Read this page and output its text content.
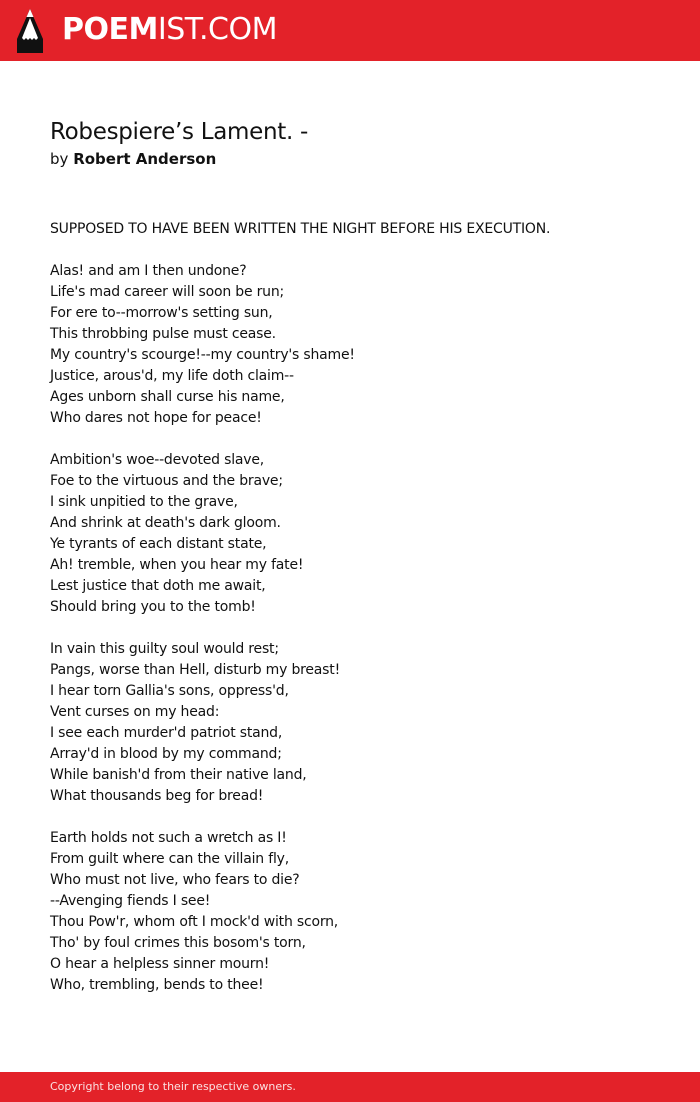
POEMIST.COM
Robespiere’s Lament. -
by Robert Anderson
SUPPOSED TO HAVE BEEN WRITTEN THE NIGHT BEFORE HIS EXECUTION.
Alas! and am I then undone?
Life's mad career will soon be run;
For ere to--morrow's setting sun,
This throbbing pulse must cease.
My country's scourge!--my country's shame!
Justice, arous'd, my life doth claim--
Ages unborn shall curse his name,
Who dares not hope for peace!
Ambition's woe--devoted slave,
Foe to the virtuous and the brave;
I sink unpitied to the grave,
And shrink at death's dark gloom.
Ye tyrants of each distant state,
Ah! tremble, when you hear my fate!
Lest justice that doth me await,
Should bring you to the tomb!
In vain this guilty soul would rest;
Pangs, worse than Hell, disturb my breast!
I hear torn Gallia's sons, oppress'd,
Vent curses on my head:
I see each murder'd patriot stand,
Array'd in blood by my command;
While banish'd from their native land,
What thousands beg for bread!
Earth holds not such a wretch as I!
From guilt where can the villain fly,
Who must not live, who fears to die?
--Avenging fiends I see!
Thou Pow'r, whom oft I mock'd with scorn,
Tho' by foul crimes this bosom's torn,
O hear a helpless sinner mourn!
Who, trembling, bends to thee!
Copyright belong to their respective owners.
